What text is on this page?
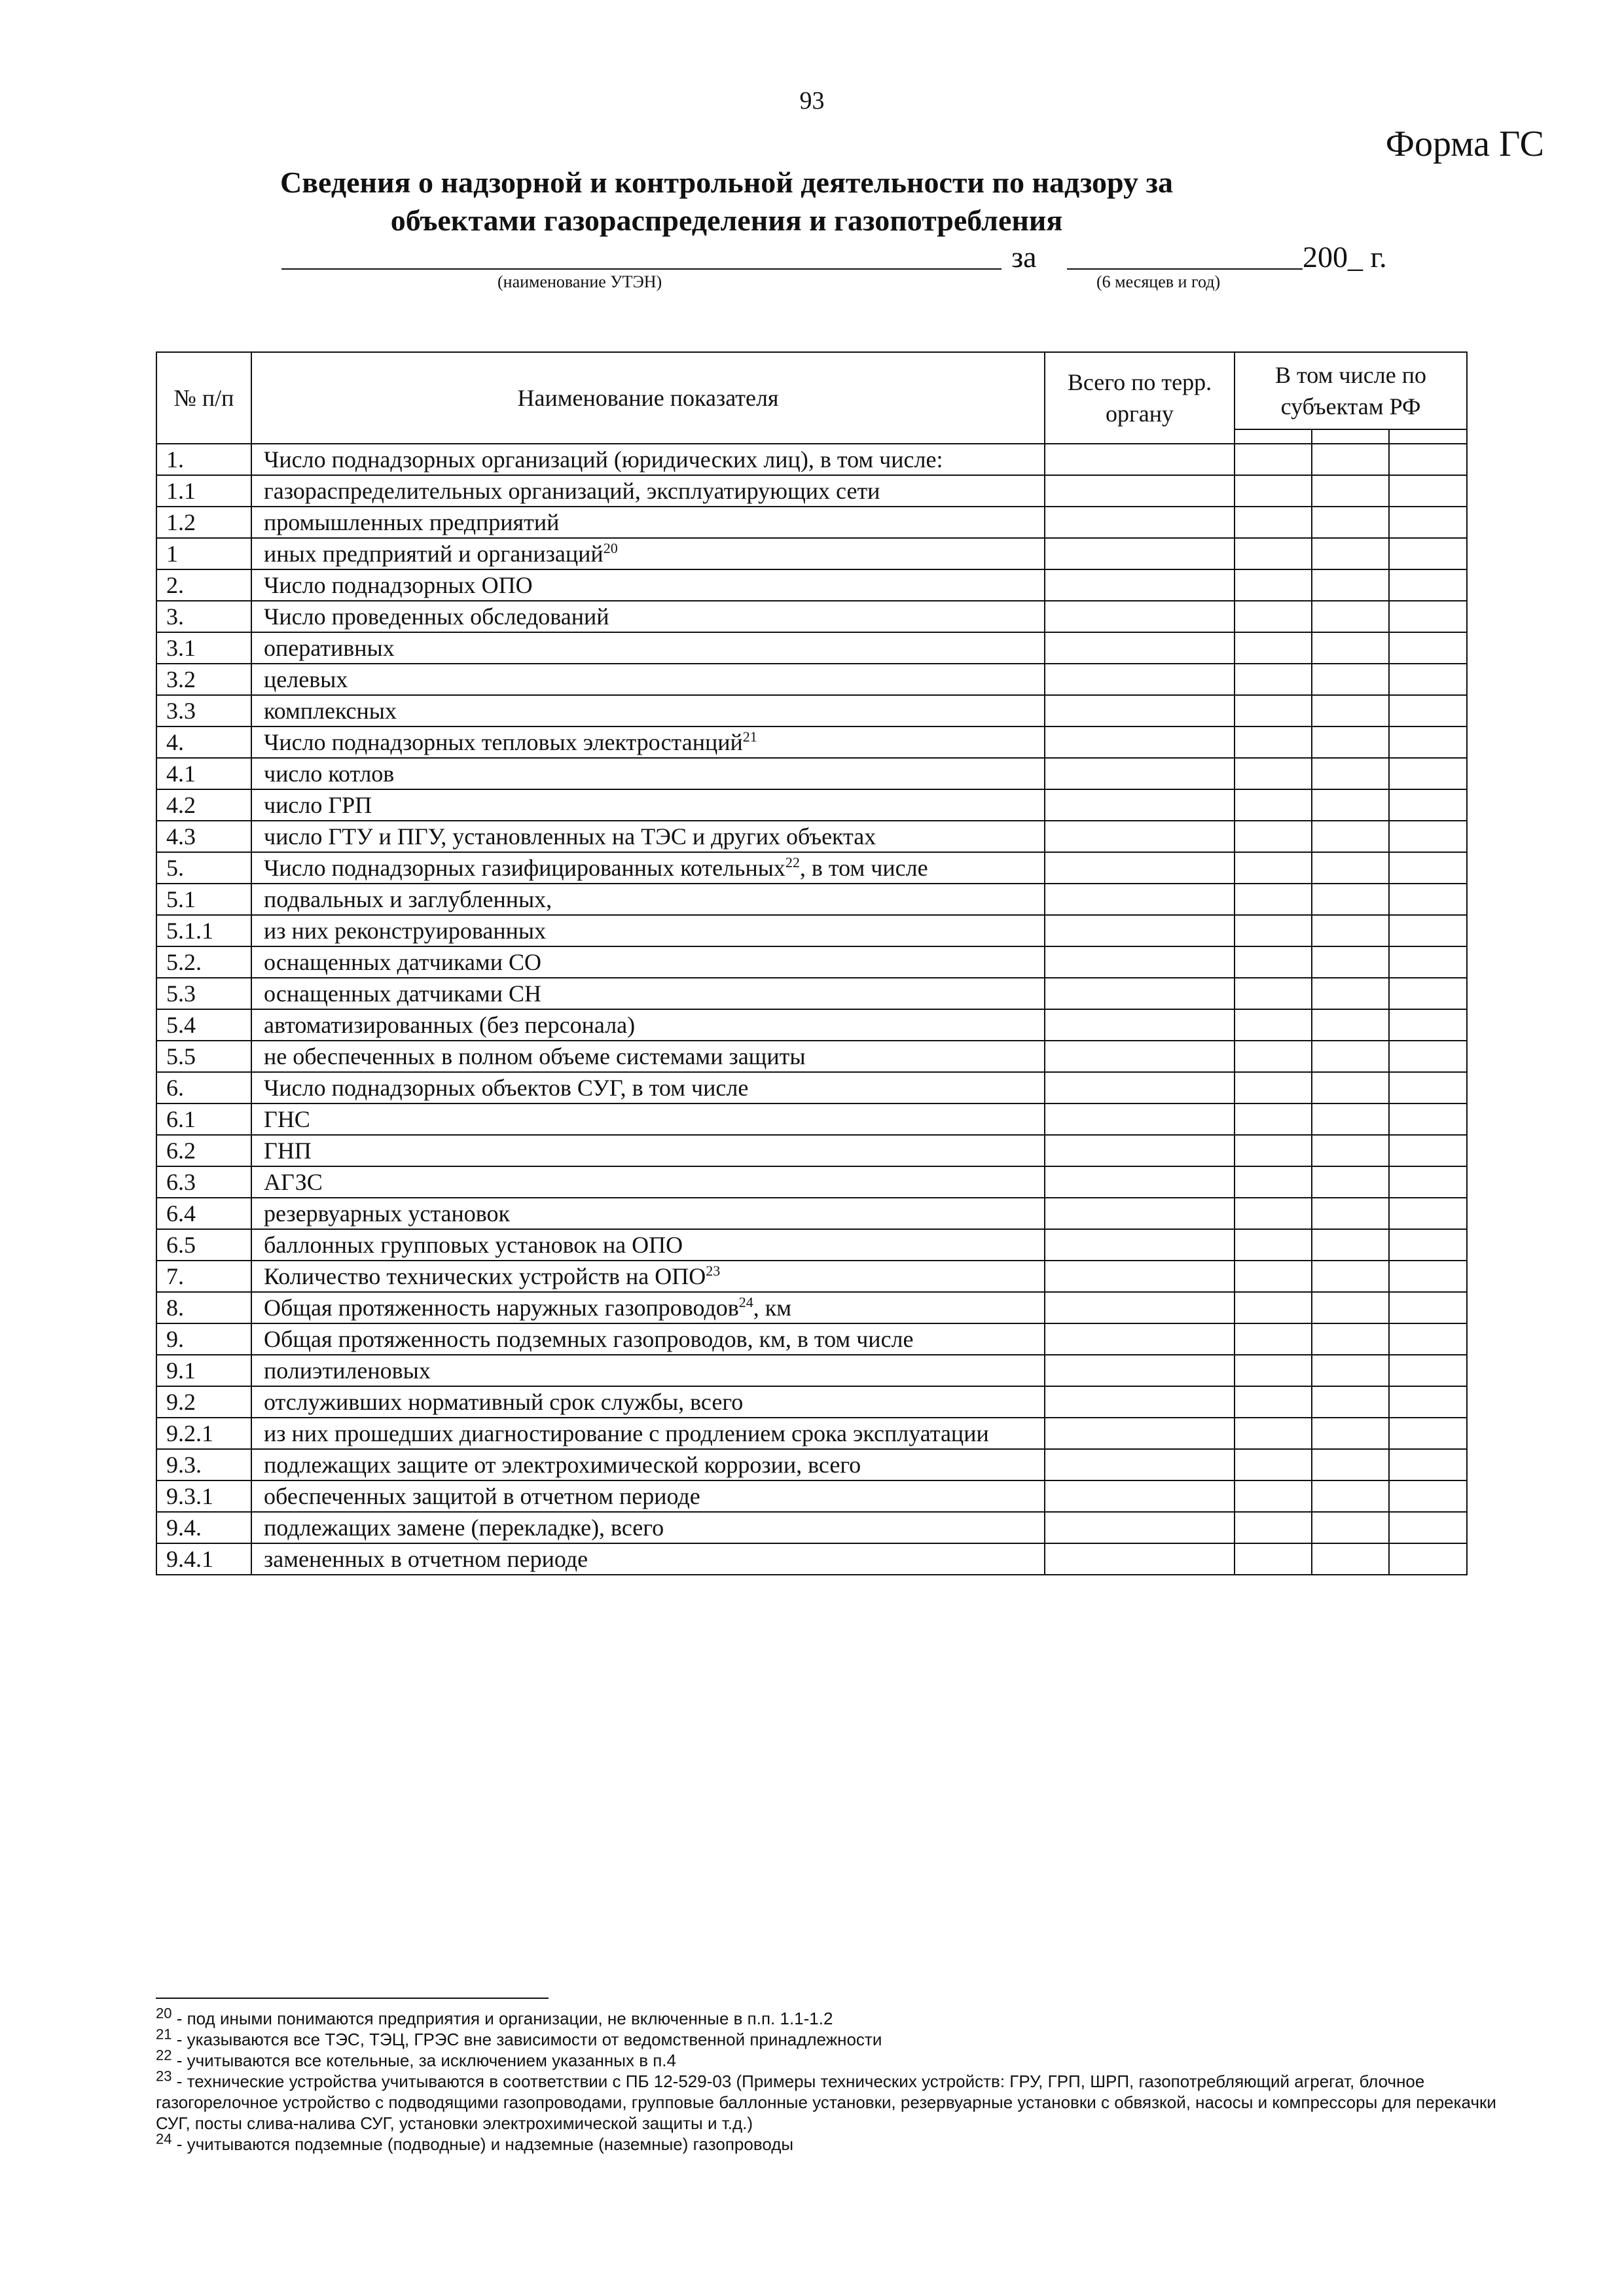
93
Форма ГС
Сведения о надзорной и контрольной деятельности по надзору за объектами газораспределения и газопотребления
за	200_ г.
(наименование УТЭН)	(6 месяцев и год)
№ п/п	Наименование показателя	Всего по терр. органу	В том числе по субъектам РФ		

1.	Число поднадзорных организаций (юридических лиц), в том числе:				
1.1	газораспределительных организаций, эксплуатирующих сети				
1.2	промышленных предприятий				
1	иных предприятий и организаций$^{20}$				
2.	Число поднадзорных ОПО				
3.	Число проведенных обследований				
3.1	оперативных				
3.2	целевых				
3.3	комплексных				
4.	Число поднадзорных тепловых электростанций$^{21}$				
4.1	число котлов				
4.2	число ГРП				
4.3	число ГТУ и ПГУ, установленных на ТЭС и других объектах				
5.	Число поднадзорных газифицированных котельных$^{22}$, в том числе				
5.1	подвальных и заглубленных,				
5.1.1	из них реконструированных				
5.2.	оснащенных датчиками СО				
5.3	оснащенных датчиками СН				
5.4	автоматизированных (без персонала)				
5.5	не обеспеченных в полном объеме системами защиты				
6.	Число поднадзорных объектов СУГ, в том числе				
6.1	ГНС				
6.2	ГНП				
6.3	АГЗС				
6.4	резервуарных установок				
6.5	баллонных групповых установок на ОПО				
7.	Количество технических устройств на ОПО$^{23}$				
8.	Общая протяженность наружных газопроводов$^{24}$, км				
9.	Общая протяженность подземных газопроводов, км, в том числе				
9.1	полиэтиленовых				
9.2	отслуживших нормативный срок службы, всего				
9.2.1	из них прошедших диагностирование с продлением срока эксплуатации				
9.3.	подлежащих защите от электрохимической коррозии, всего				
9.3.1	обеспеченных защитой в отчетном периоде				
9.4.	подлежащих замене (перекладке), всего				
9.4.1	замененных в отчетном периоде				

$^{20}$ - под иными понимаются предприятия и организации, не включенные в п.п. 1.1-1.2

$^{21}$ - указываются все ТЭС, ТЭЦ, ГРЭС вне зависимости от ведомственной принадлежности

$^{22}$ - учитываются все котельные, за исключением указанных в п.4

$^{23}$ - технические устройства учитываются в соответствии с ПБ 12-529-03 (Примеры технических устройств: ГРУ, ГРП, ШРП, газопотребляющий агрегат, блочное газогорелочное устройство с подводящими газопроводами, групповые баллонные установки, резервуарные установки с обвязкой, насосы и компрессоры для перекачки СУГ, посты слива-налива СУГ, установки электрохимической защиты и т.д.)

$^{24}$ - учитываются подземные (подводные) и надземные (наземные) газопроводы
